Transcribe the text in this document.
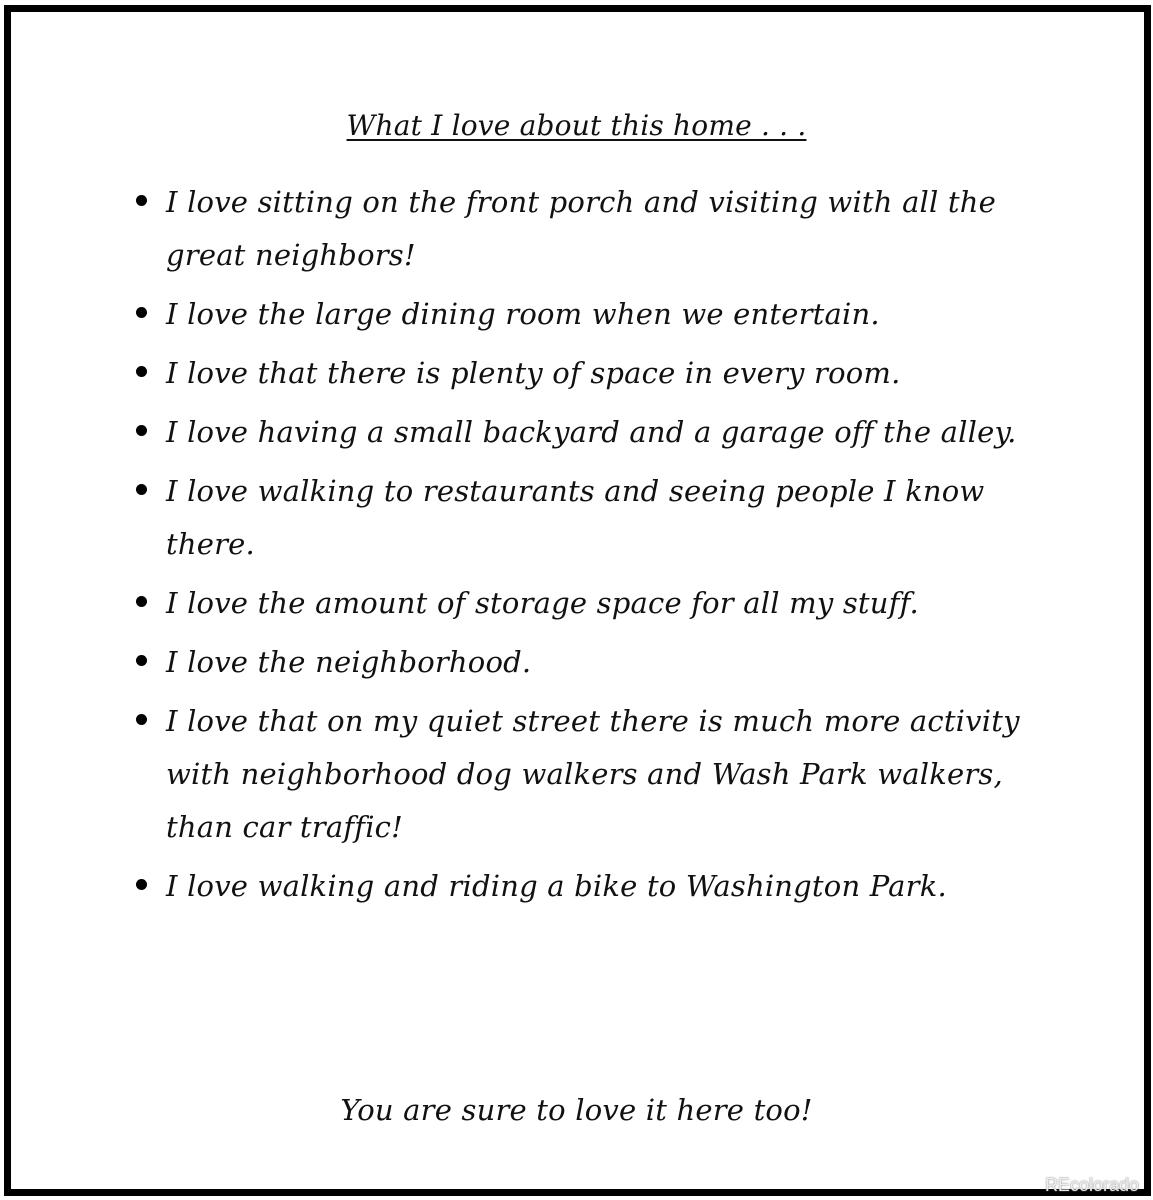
What I love about this home . . .
I love sitting on the front porch and visiting with all the great neighbors!
I love the large dining room when we entertain.
I love that there is plenty of space in every room.
I love having a small backyard and a garage off the alley.
I love walking to restaurants and seeing people I know there.
I love the amount of storage space for all my stuff.
I love the neighborhood.
I love that on my quiet street there is much more activity with neighborhood dog walkers and Wash Park walkers, than car traffic!
I love walking and riding a bike to Washington Park.
You are sure to love it here too!
REcolorado
